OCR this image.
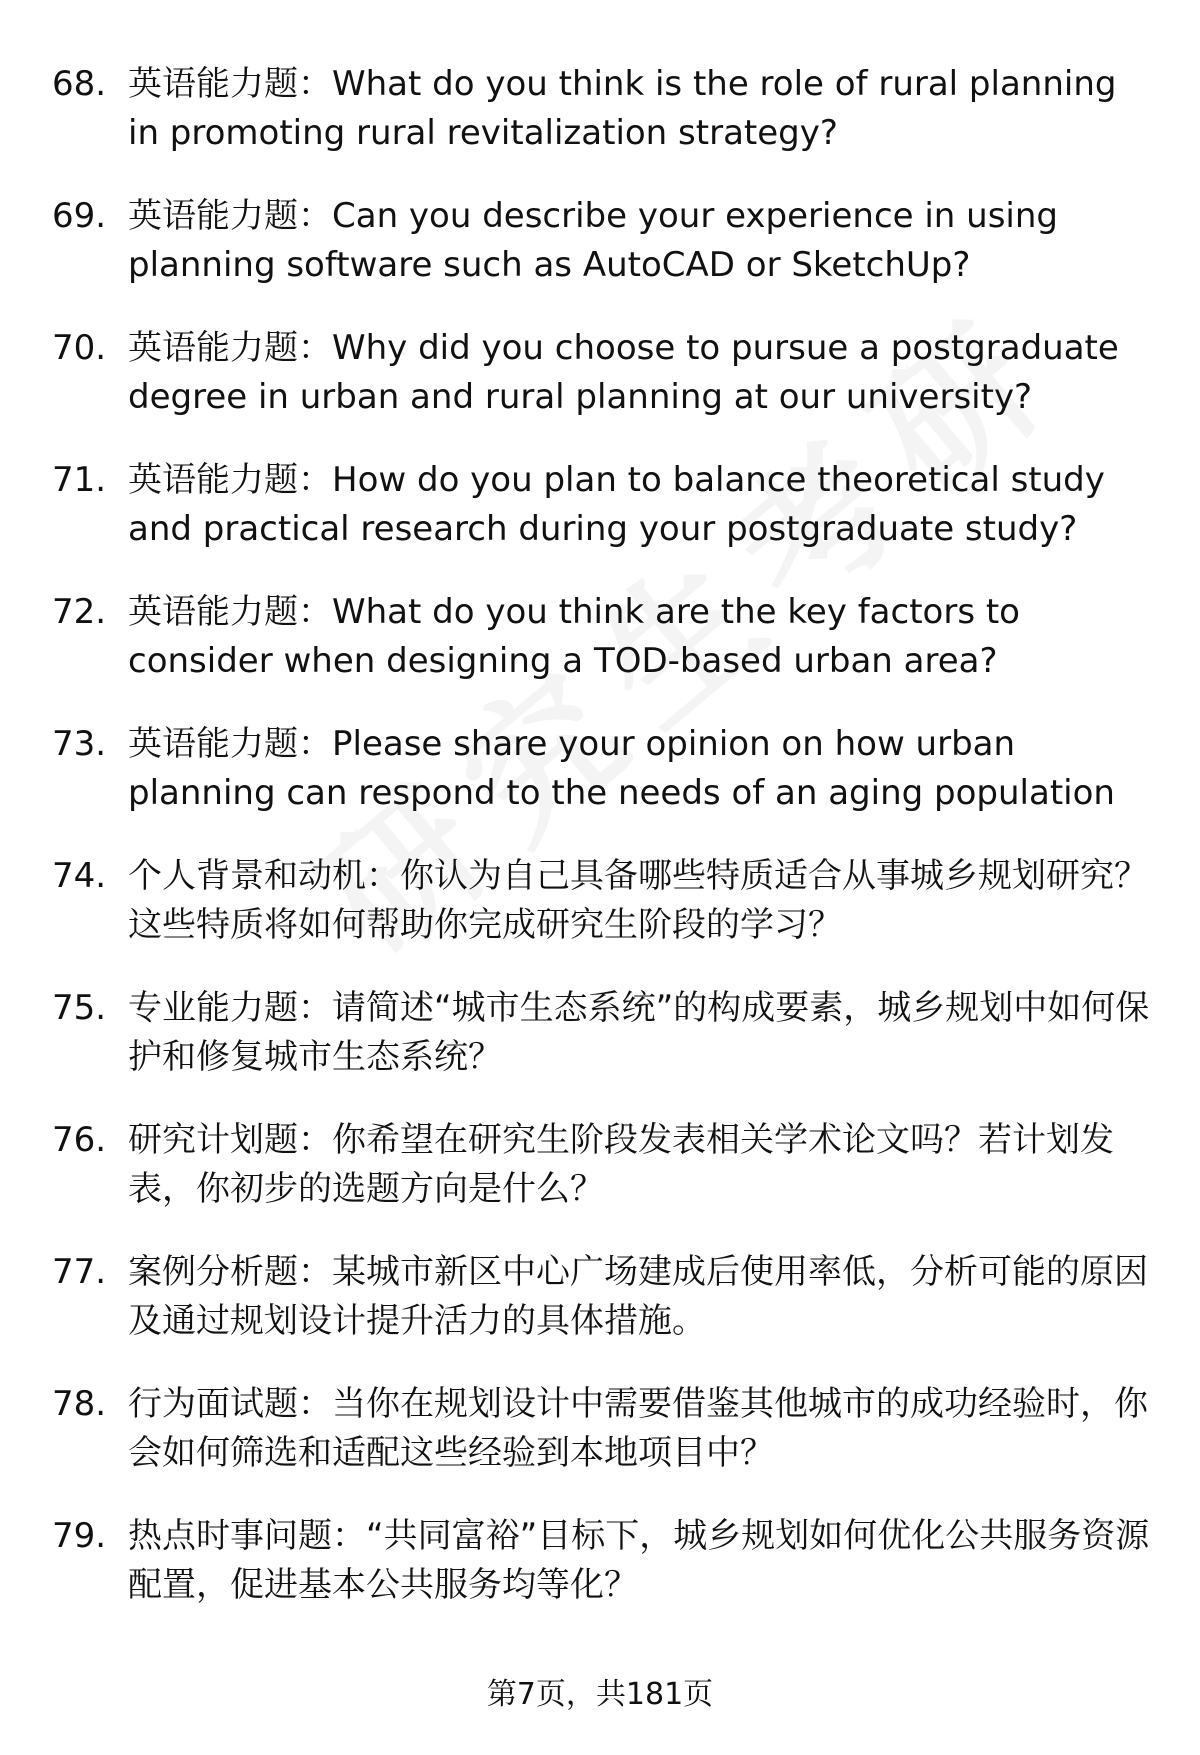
68. 英语能力题：What do you think is the role of rural planning in promoting rural revitalization strategy?
69. 英语能力题：Can you describe your experience in using planning software such as AutoCAD or SketchUp?
70. 英语能力题：Why did you choose to pursue a postgraduate degree in urban and rural planning at our university?
71. 英语能力题：How do you plan to balance theoretical study and practical research during your postgraduate study?
72. 英语能力题：What do you think are the key factors to consider when designing a TOD-based urban area?
73. 英语能力题：Please share your opinion on how urban planning can respond to the needs of an aging population
74. 个人背景和动机：你认为自己具备哪些特质适合从事城乡规划研究？这些特质将如何帮助你完成研究生阶段的学习？
75. 专业能力题：请简述“城市生态系统”的构成要素，城乡规划中如何保护和修复城市生态系统？
76. 研究计划题：你希望在研究生阶段发表相关学术论文吗？若计划发表，你初步的选题方向是什么？
77. 案例分析题：某城市新区中心广场建成后使用率低，分析可能的原因及通过规划设计提升活力的具体措施。
78. 行为面试题：当你在规划设计中需要借鉴其他城市的成功经验时，你会如何筛选和适配这些经验到本地项目中？
79. 热点时事问题：“共同富裕”目标下，城乡规划如何优化公共服务资源配置，促进基本公共服务均等化？
第7页，共181页
